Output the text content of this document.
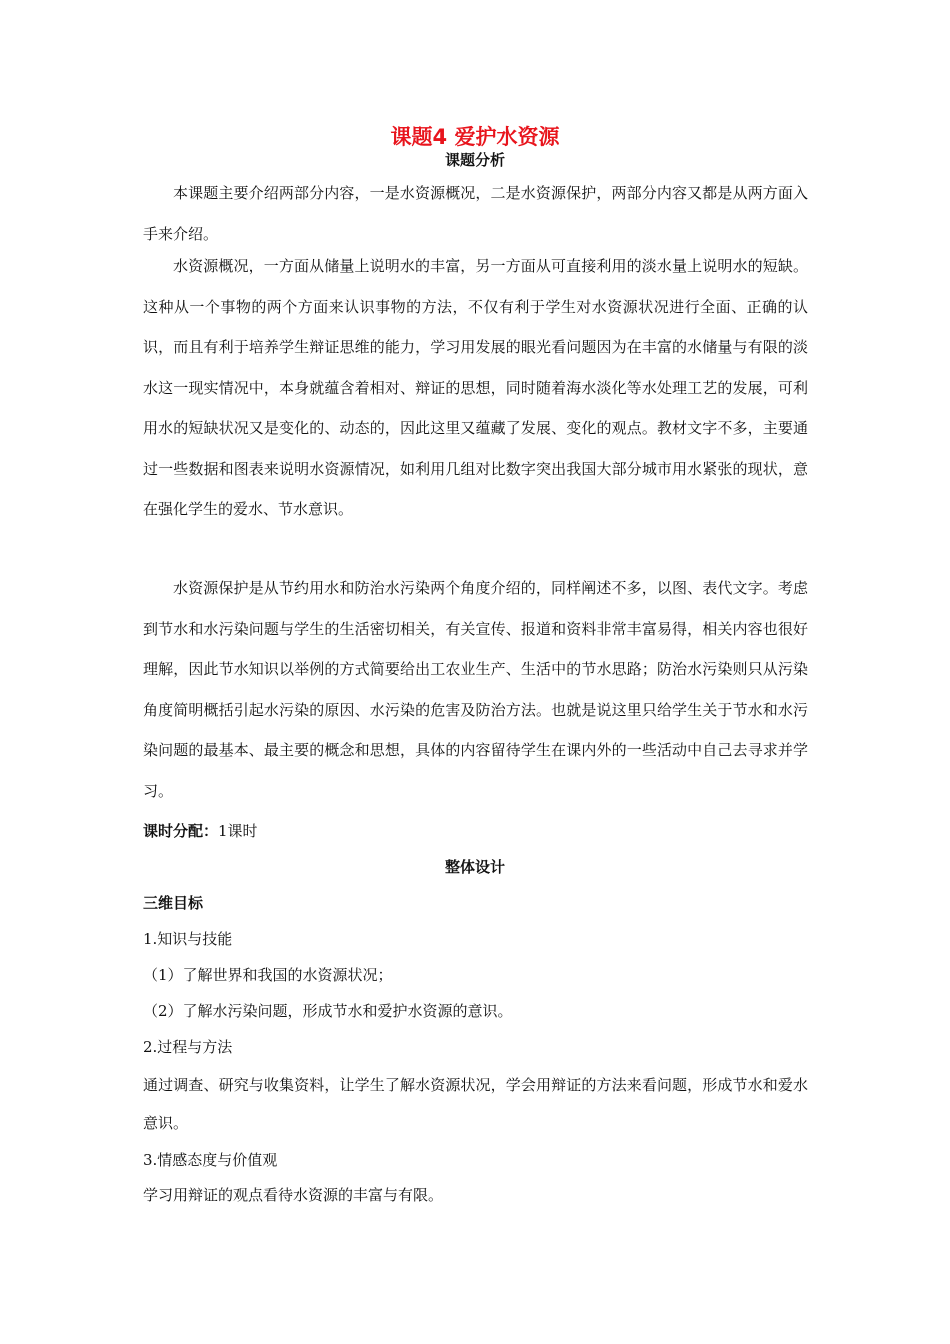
课题4 爱护水资源
课题分析

本课题主要介绍两部分内容，一是水资源概况，二是水资源保护，两部分内容又都是从两方面入手来介绍。

水资源概况，一方面从储量上说明水的丰富，另一方面从可直接利用的淡水量上说明水的短缺。这种从一个事物的两个方面来认识事物的方法，不仅有利于学生对水资源状况进行全面、正确的认识，而且有利于培养学生辩证思维的能力，学习用发展的眼光看问题因为在丰富的水储量与有限的淡水这一现实情况中，本身就蕴含着相对、辩证的思想，同时随着海水淡化等水处理工艺的发展，可利用水的短缺状况又是变化的、动态的，因此这里又蕴藏了发展、变化的观点。教材文字不多，主要通过一些数据和图表来说明水资源情况，如利用几组对比数字突出我国大部分城市用水紧张的现状，意在强化学生的爱水、节水意识。

水资源保护是从节约用水和防治水污染两个角度介绍的，同样阐述不多，以图、表代文字。考虑到节水和水污染问题与学生的生活密切相关，有关宣传、报道和资料非常丰富易得，相关内容也很好理解，因此节水知识以举例的方式简要给出工农业生产、生活中的节水思路；防治水污染则只从污染角度简明概括引起水污染的原因、水污染的危害及防治方法。也就是说这里只给学生关于节水和水污染问题的最基本、最主要的概念和思想，具体的内容留待学生在课内外的一些活动中自己去寻求并学习。

课时分配：1课时
整体设计
三维目标
1.知识与技能
（1）了解世界和我国的水资源状况；
（2）了解水污染问题，形成节水和爱护水资源的意识。
2.过程与方法

通过调查、研究与收集资料，让学生了解水资源状况，学会用辩证的方法来看问题，形成节水和爱水意识。

3.情感态度与价值观
学习用辩证的观点看待水资源的丰富与有限。
